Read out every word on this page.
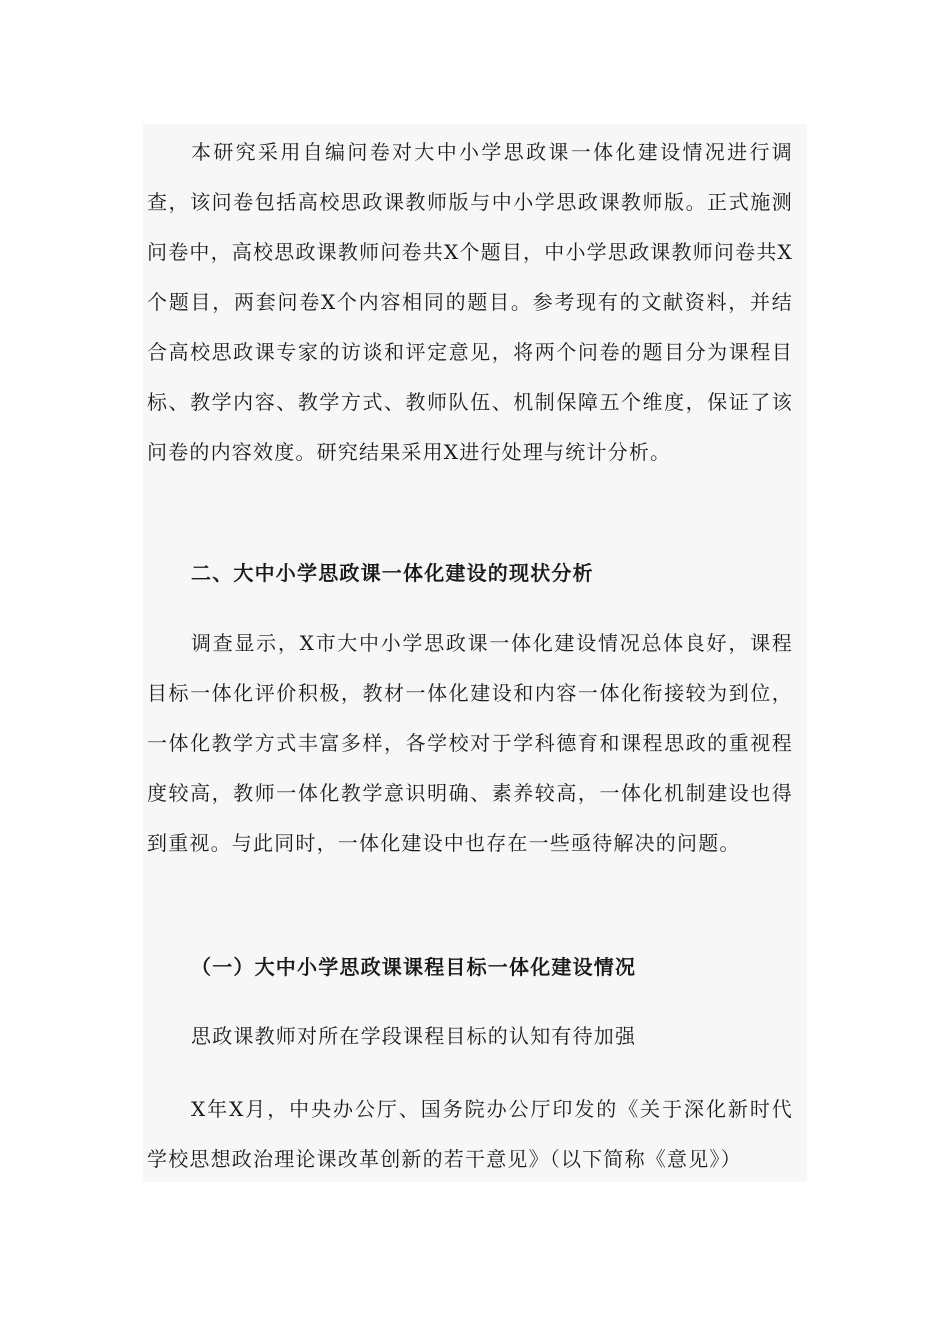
本研究采用自编问卷对大中小学思政课一体化建设情况进行调查，该问卷包括高校思政课教师版与中小学思政课教师版。正式施测问卷中，高校思政课教师问卷共X个题目，中小学思政课教师问卷共X个题目，两套问卷X个内容相同的题目。参考现有的文献资料，并结合高校思政课专家的访谈和评定意见，将两个问卷的题目分为课程目标、教学内容、教学方式、教师队伍、机制保障五个维度，保证了该问卷的内容效度。研究结果采用X进行处理与统计分析。

二、大中小学思政课一体化建设的现状分析

调查显示，X市大中小学思政课一体化建设情况总体良好，课程目标一体化评价积极，教材一体化建设和内容一体化衔接较为到位，一体化教学方式丰富多样，各学校对于学科德育和课程思政的重视程度较高，教师一体化教学意识明确、素养较高，一体化机制建设也得到重视。与此同时，一体化建设中也存在一些亟待解决的问题。

（一）大中小学思政课课程目标一体化建设情况

思政课教师对所在学段课程目标的认知有待加强

X年X月，中央办公厅、国务院办公厅印发的《关于深化新时代学校思想政治理论课改革创新的若干意见》（以下简称《意见》）
